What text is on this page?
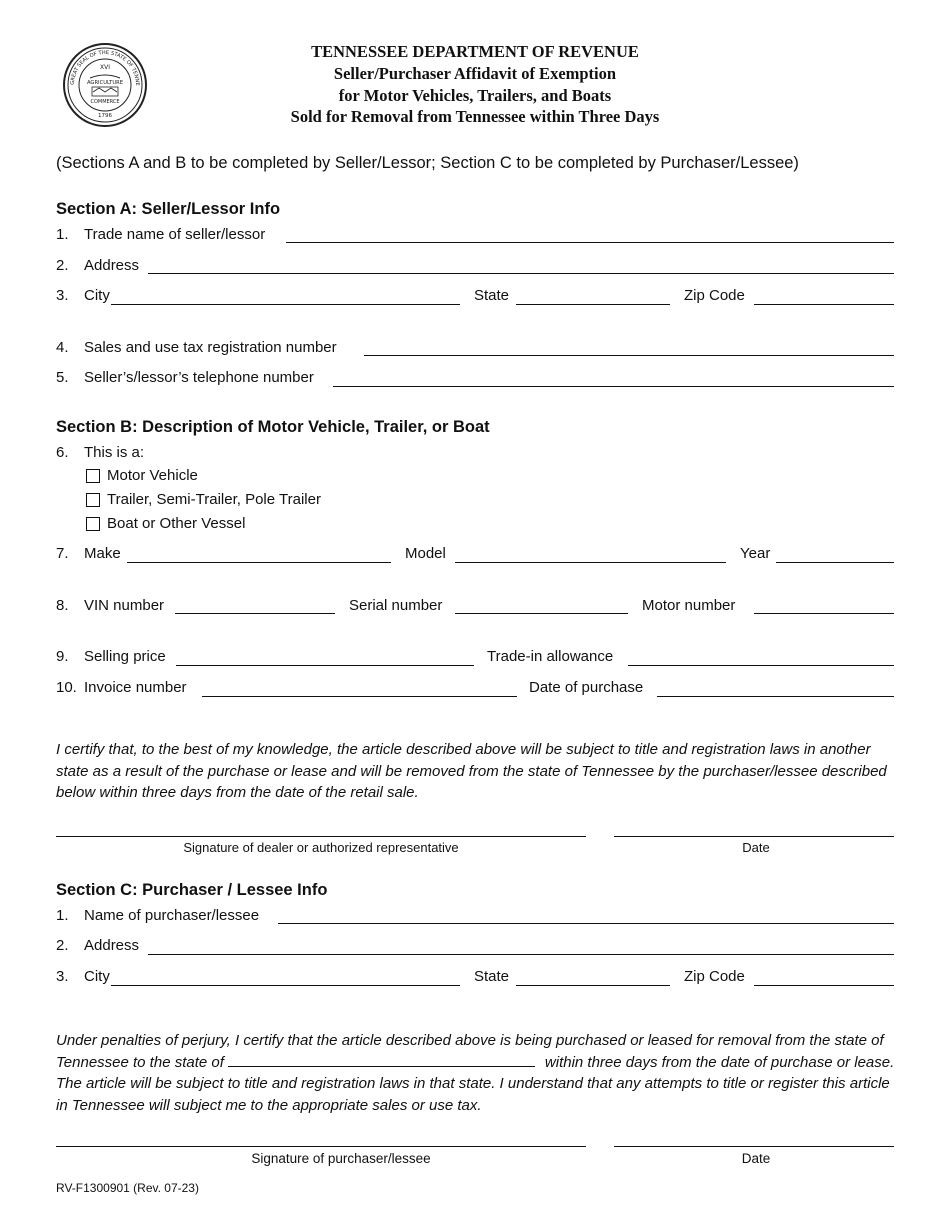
GREAT SEAL OF THE STATE OF TENNE
XVI
AGRICULTURE
COMMERCE
1796
TENNESSEE DEPARTMENT OF REVENUE
Seller/Purchaser Affidavit of Exemption
for Motor Vehicles, Trailers, and Boats
Sold for Removal from Tennessee within Three Days
(Sections A and B to be completed by Seller/Lessor; Section C to be completed by Purchaser/Lessee)
Section A: Seller/Lessor Info
1. Trade name of seller/lessor
2. Address
3. City	State	Zip Code
4. Sales and use tax registration number
5. Seller’s/lessor’s telephone number
Section B: Description of Motor Vehicle, Trailer, or Boat
6. This is a:
Motor Vehicle
Trailer, Semi-Trailer, Pole Trailer
Boat or Other Vessel
7. Make	Model	Year
8. VIN number	Serial number	Motor number
9. Selling price	Trade-in allowance
10. Invoice number	Date of purchase
I certify that, to the best of my knowledge, the article described above will be subject to title and registration laws in another state as a result of the purchase or lease and will be removed from the state of Tennessee by the purchaser/lessee described below within three days from the date of the retail sale.
Signature of dealer or authorized representative	Date
Section C: Purchaser / Lessee Info
1. Name of purchaser/lessee
2. Address
3. City	State	Zip Code
Under penalties of perjury, I certify that the article described above is being purchased or leased for removal from the state of Tennessee to the state of	within three days from the date of purchase or lease. The article will be subject to title and registration laws in that state. I understand that any attempts to title or register this article in Tennessee will subject me to the appropriate sales or use tax.
Signature of purchaser/lessee	Date
RV-F1300901 (Rev. 07-23)
